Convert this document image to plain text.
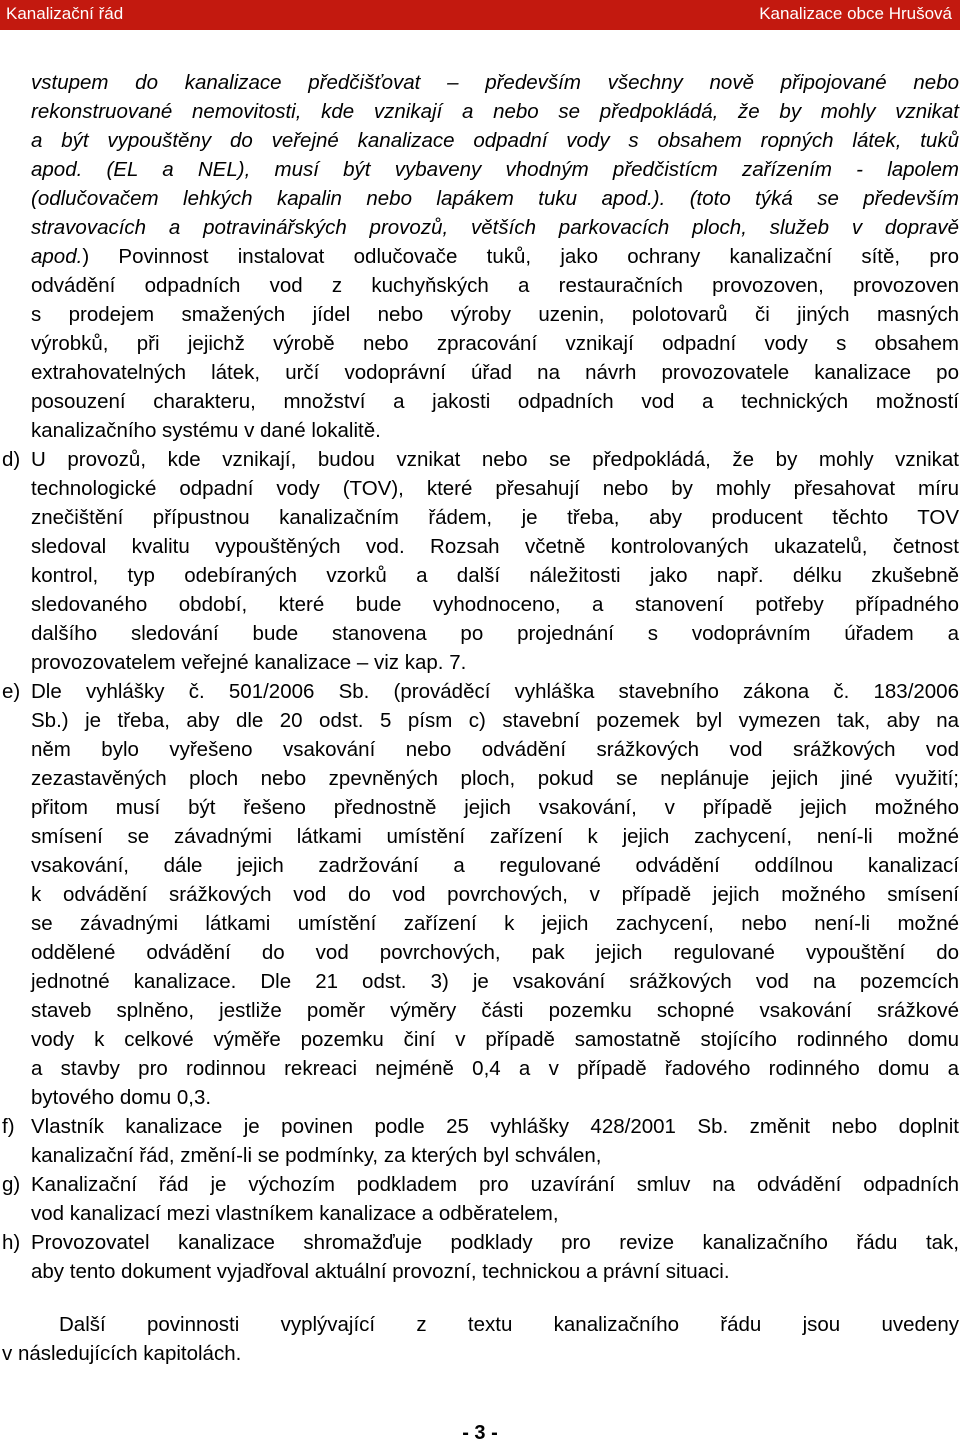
Kanalizační řád	Kanalizace obce Hrušová
vstupem do kanalizace předčišťovat – především všechny nově připojované nebo
rekonstruované nemovitosti, kde vznikají a nebo se předpokládá, že by mohly vznikat
a být vypouštěny do veřejné kanalizace odpadní vody s obsahem ropných látek, tuků
apod. (EL a NEL), musí být vybaveny vhodným předčistícm zařízením - lapolem
(odlučovačem lehkých kapalin nebo lapákem tuku apod.). (toto týká se především
stravovacích a potravinářských provozů, větších parkovacích ploch, služeb v dopravě
apod.) Povinnost instalovat odlučovače tuků, jako ochrany kanalizační sítě, pro
odvádění odpadních vod z kuchyňských a restauračních provozoven, provozoven
s prodejem smažených jídel nebo výroby uzenin, polotovarů či jiných masných
výrobků, při jejichž výrobě nebo zpracování vznikají odpadní vody s obsahem
extrahovatelných látek, určí vodoprávní úřad na návrh provozovatele kanalizace po
posouzení charakteru, množství a jakosti odpadních vod a technických možností
kanalizačního systému v dané lokalitě.
d) U provozů, kde vznikají, budou vznikat nebo se předpokládá, že by mohly vznikat
technologické odpadní vody (TOV), které přesahují nebo by mohly přesahovat míru
znečištění přípustnou kanalizačním řádem, je třeba, aby producent těchto TOV
sledoval kvalitu vypouštěných vod. Rozsah včetně kontrolovaných ukazatelů, četnost
kontrol, typ odebíraných vzorků a další náležitosti jako např. délku zkušebně
sledovaného období, které bude vyhodnoceno, a stanovení potřeby případného
dalšího sledování bude stanovena po projednání s vodoprávním úřadem a
provozovatelem veřejné kanalizace – viz kap. 7.
e) Dle vyhlášky č. 501/2006 Sb. (prováděcí vyhláška stavebního zákona č. 183/2006
Sb.) je třeba, aby dle 20 odst. 5 písm c) stavební pozemek byl vymezen tak, aby na
něm bylo vyřešeno vsakování nebo odvádění srážkových vod srážkových vod
zezastavěných ploch nebo zpevněných ploch, pokud se neplánuje jejich jiné využití;
přitom musí být řešeno přednostně jejich vsakování, v případě jejich možného
smísení se závadnými látkami umístění zařízení k jejich zachycení, není-li možné
vsakování, dále jejich zadržování a regulované odvádění oddílnou kanalizací
k odvádění srážkových vod do vod povrchových, v případě jejich možného smísení
se závadnými látkami umístění zařízení k jejich zachycení, nebo není-li možné
oddělené odvádění do vod povrchových, pak jejich regulované vypouštění do
jednotné kanalizace. Dle 21 odst. 3) je vsakování srážkových vod na pozemcích
staveb splněno, jestliže poměr výměry části pozemku schopné vsakování srážkové
vody k celkové výměře pozemku činí v případě samostatně stojícího rodinného domu
a stavby pro rodinnou rekreaci nejméně 0,4 a v případě řadového rodinného domu a
bytového domu 0,3.
f) Vlastník kanalizace je povinen podle 25 vyhlášky 428/2001 Sb. změnit nebo doplnit
kanalizační řád, změní-li se podmínky, za kterých byl schválen,
g) Kanalizační řád je výchozím podkladem pro uzavírání smluv na odvádění odpadních
vod kanalizací mezi vlastníkem kanalizace a odběratelem,
h) Provozovatel kanalizace shromažďuje podklady pro revize kanalizačního řádu tak,
aby tento dokument vyjadřoval aktuální provozní, technickou a právní situaci.
Další povinnosti vyplývající z textu kanalizačního řádu jsou uvedeny
v následujících kapitolách.
- 3 -
